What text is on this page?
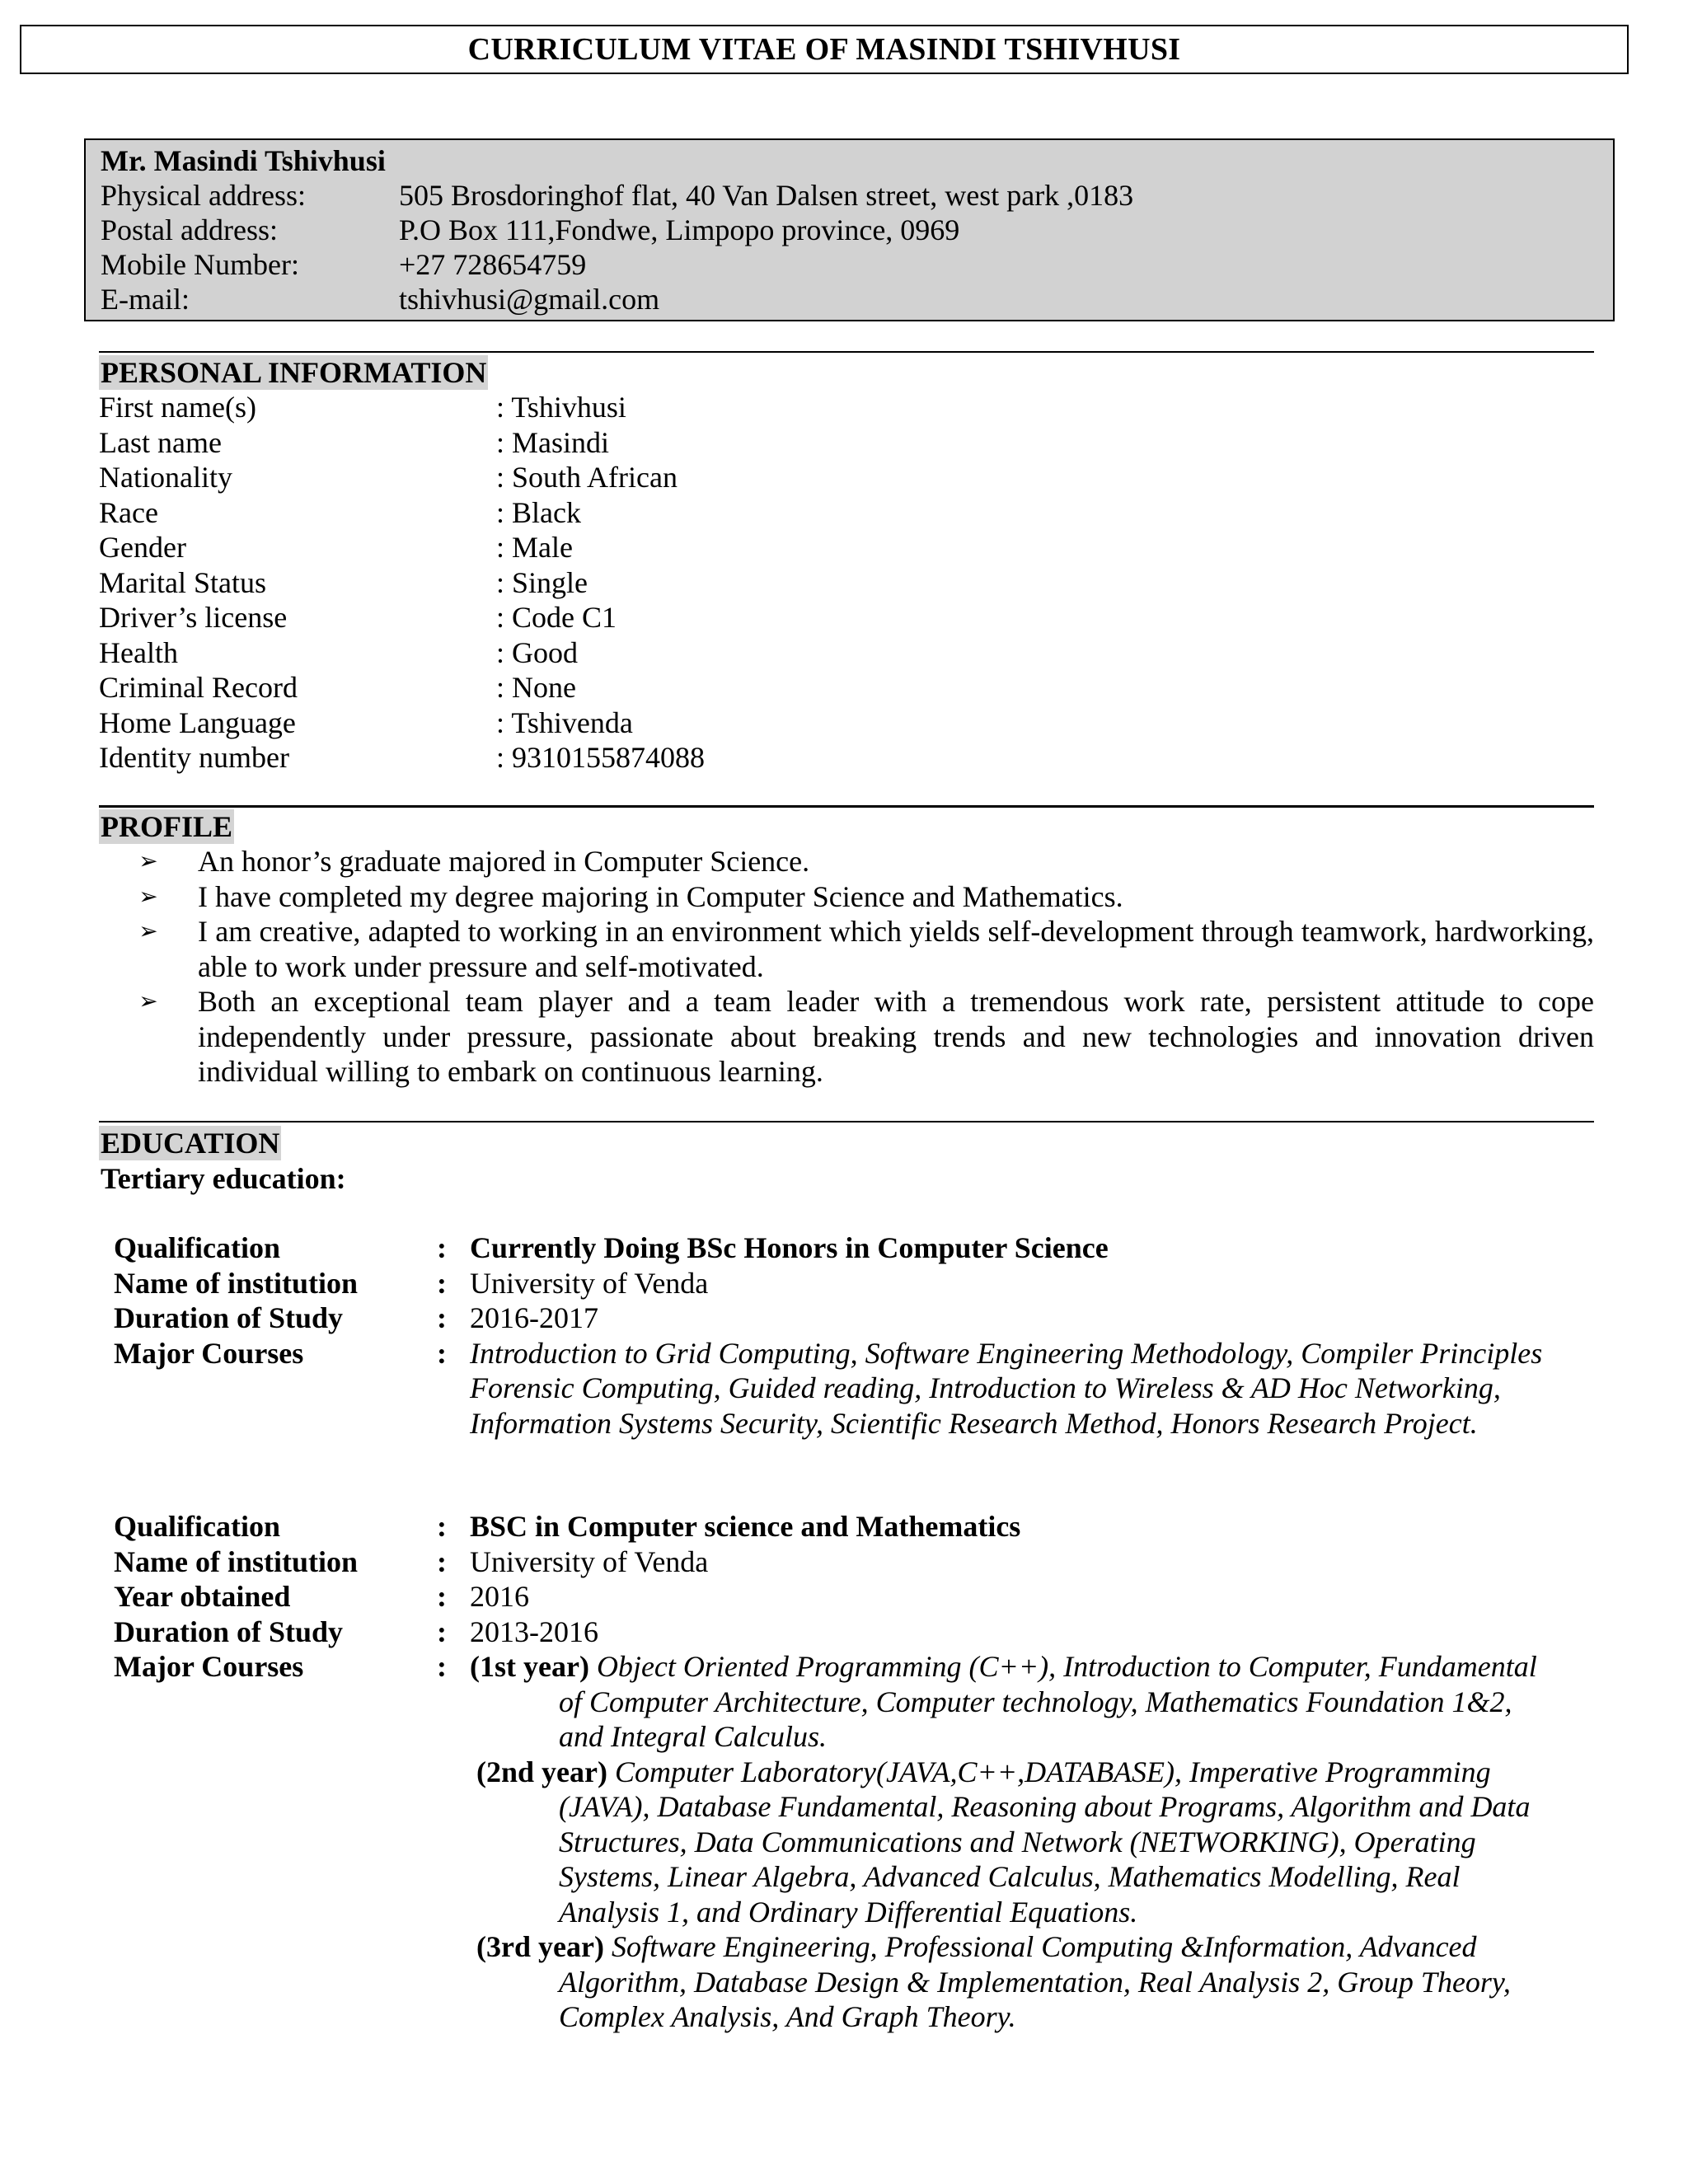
CURRICULUM VITAE OF MASINDI TSHIVHUSI
Mr. Masindi Tshivhusi
Physical address:	505 Brosdoringhof flat, 40 Van Dalsen street, west park ,0183
Postal address:	P.O Box 111,Fondwe, Limpopo province, 0969
Mobile Number:	+27 728654759
E-mail:	tshivhusi@gmail.com
PERSONAL INFORMATION
First name(s)	: Tshivhusi
Last name	: Masindi
Nationality	: South African
Race	: Black
Gender	: Male
Marital Status	: Single
Driver’s license	: Code C1
Health	: Good
Criminal Record	: None
Home Language	: Tshivenda
Identity number	: 9310155874088
PROFILE
➢	An honor’s graduate majored in Computer Science.
➢	I have completed my degree majoring in Computer Science and Mathematics.
➢	I am creative, adapted to working in an environment which yields self-development through teamwork, hardworking, able to work under pressure and self-motivated.
➢	Both an exceptional team player and a team leader with a tremendous work rate, persistent attitude to cope independently under pressure, passionate about breaking trends and new technologies and innovation driven individual willing to embark on continuous learning.
EDUCATION
Tertiary education:
Qualification	: Currently Doing BSc Honors in Computer Science
Name of institution	: University of Venda
Duration of Study	: 2016-2017
Major Courses	: Introduction to Grid Computing, Software Engineering Methodology, Compiler Principles Forensic Computing, Guided reading, Introduction to Wireless & AD Hoc Networking, Information Systems Security, Scientific Research Method, Honors Research Project.
Qualification	: BSC in Computer science and Mathematics
Name of institution	: University of Venda
Year obtained	: 2016
Duration of Study	: 2013-2016
Major Courses	: (1st year) Object Oriented Programming (C++), Introduction to Computer, Fundamental
of Computer Architecture, Computer technology, Mathematics Foundation 1&2,
and Integral Calculus.
(2nd year) Computer Laboratory(JAVA,C++,DATABASE), Imperative Programming
(JAVA), Database Fundamental, Reasoning about Programs, Algorithm and Data
Structures, Data Communications and Network (NETWORKING), Operating
Systems, Linear Algebra, Advanced Calculus, Mathematics Modelling, Real
Analysis 1, and Ordinary Differential Equations.
(3rd year) Software Engineering, Professional Computing &Information, Advanced
Algorithm, Database Design & Implementation, Real Analysis 2, Group Theory,
Complex Analysis, And Graph Theory.
